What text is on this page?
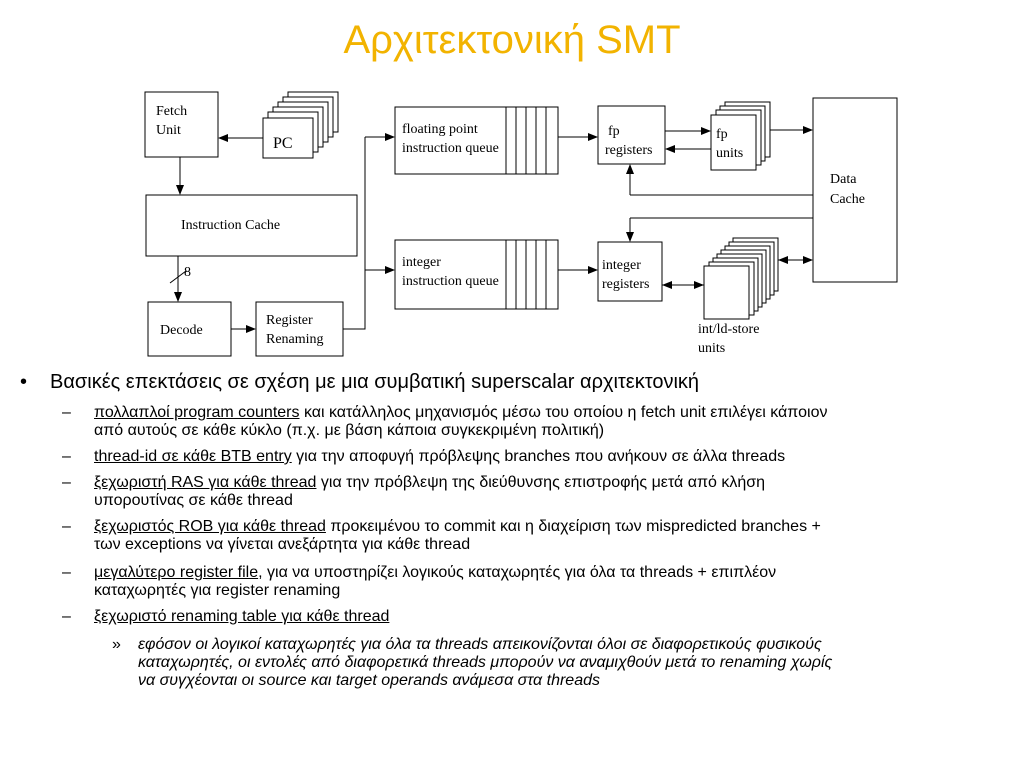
Αρχιτεκτονική SMT
Fetch
Unit
PC
Instruction Cache
8
Decode
Register
Renaming
floating point
instruction queue
integer
instruction queue
fp
registers
integer
registers
fp
units
int/ld-store
units
Data
Cache
• Βασικές επεκτάσεις σε σχέση με μια συμβατική superscalar αρχιτεκτονική
– πολλαπλοί program counters και κατάλληλος μηχανισμός μέσω του οποίου η fetch unit επιλέγει κάποιον
από αυτούς σε κάθε κύκλο (π.χ. με βάση κάποια συγκεκριμένη πολιτική)
– thread-id σε κάθε BTB entry για την αποφυγή πρόβλεψης branches που ανήκουν σε άλλα threads
– ξεχωριστή RAS για κάθε thread για την πρόβλεψη της διεύθυνσης επιστροφής μετά από κλήση
υπορουτίνας σε κάθε thread
– ξεχωριστός ROB για κάθε thread προκειμένου το commit και η διαχείριση των mispredicted branches +
των exceptions να γίνεται ανεξάρτητα για κάθε thread
– μεγαλύτερο register file, για να υποστηρίζει λογικούς καταχωρητές για όλα τα threads + επιπλέον
καταχωρητές για register renaming
– ξεχωριστό renaming table για κάθε thread
» εφόσον οι λογικοί καταχωρητές για όλα τα threads απεικονίζονται όλοι σε διαφορετικούς φυσικούς
καταχωρητές, οι εντολές από διαφορετικά threads μπορούν να αναμιχθούν μετά το renaming χωρίς
να συγχέονται οι source και target operands ανάμεσα στα threads
